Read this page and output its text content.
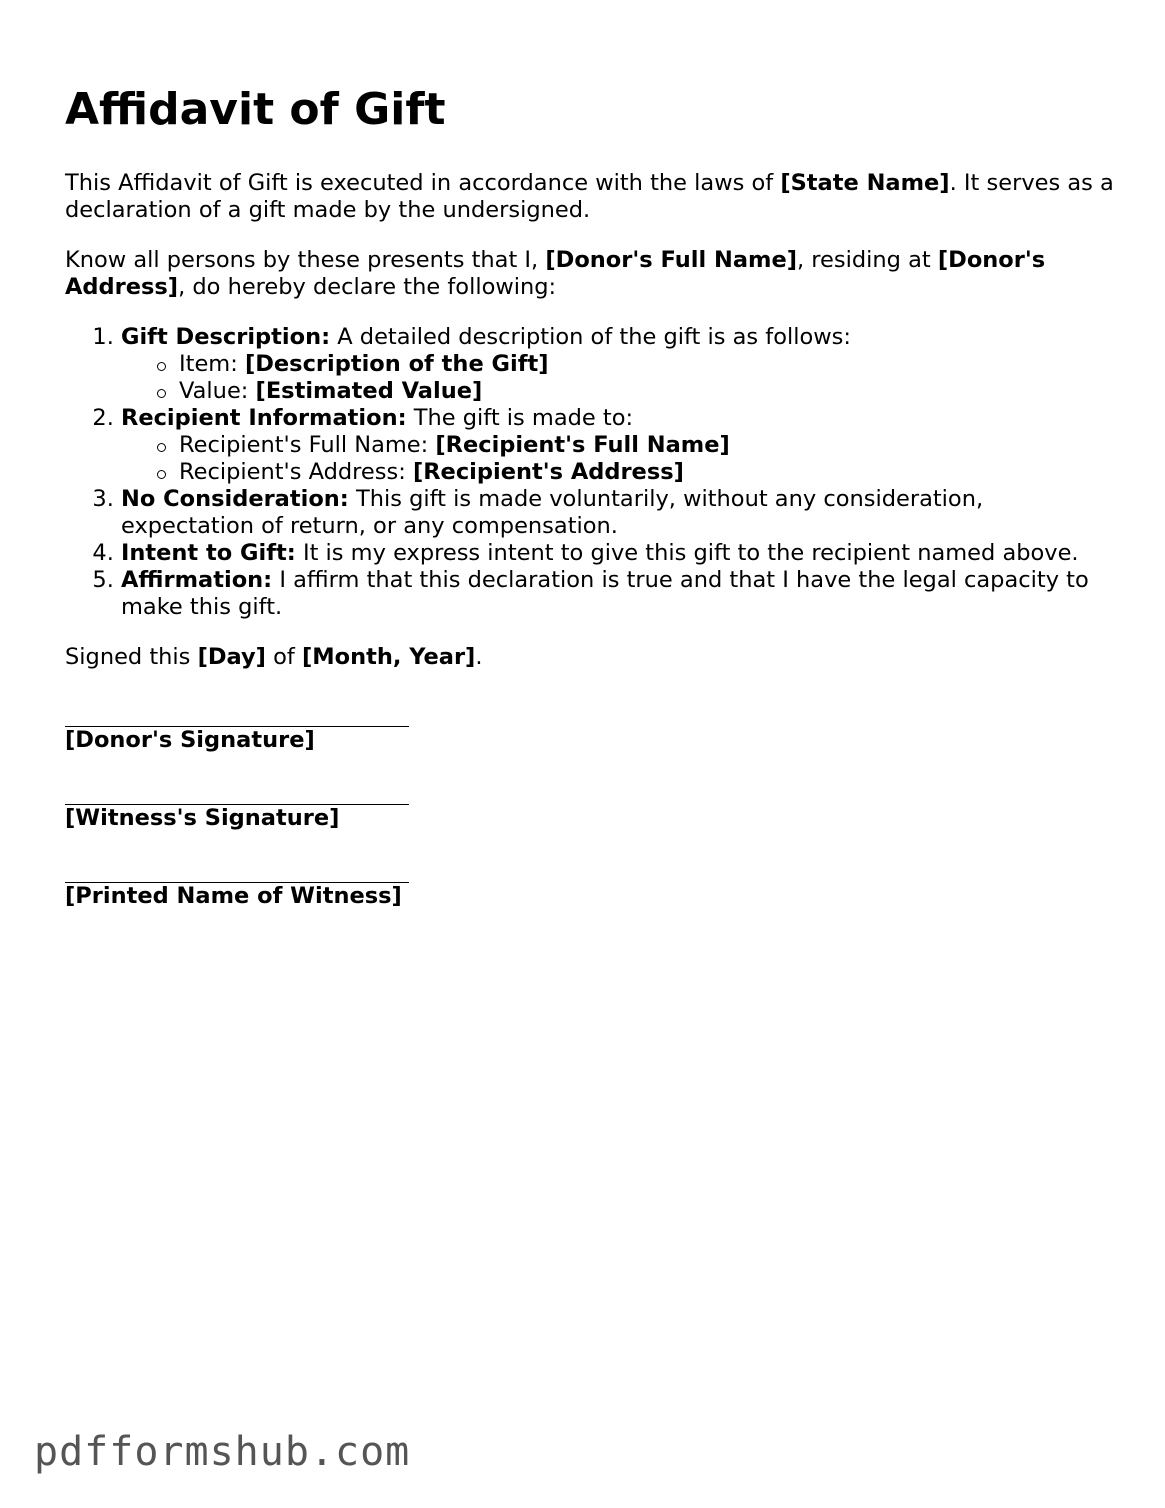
Affidavit of Gift

This Affidavit of Gift is executed in accordance with the laws of [State Name]. It serves as a declaration of a gift made by the undersigned.

Know all persons by these presents that I, [Donor's Full Name], residing at [Donor's Address], do hereby declare the following:

1. Gift Description: A detailed description of the gift is as follows:
Item: [Description of the Gift]
Value: [Estimated Value]
2. Recipient Information: The gift is made to:
Recipient's Full Name: [Recipient's Full Name]
Recipient's Address: [Recipient's Address]
3. No Consideration: This gift is made voluntarily, without any consideration, expectation of return, or any compensation.
4. Intent to Gift: It is my express intent to give this gift to the recipient named above.
5. Affirmation: I affirm that this declaration is true and that I have the legal capacity to make this gift.

Signed this [Day] of [Month, Year].

[Donor's Signature]
[Witness's Signature]
[Printed Name of Witness]
pdfformshub.com
